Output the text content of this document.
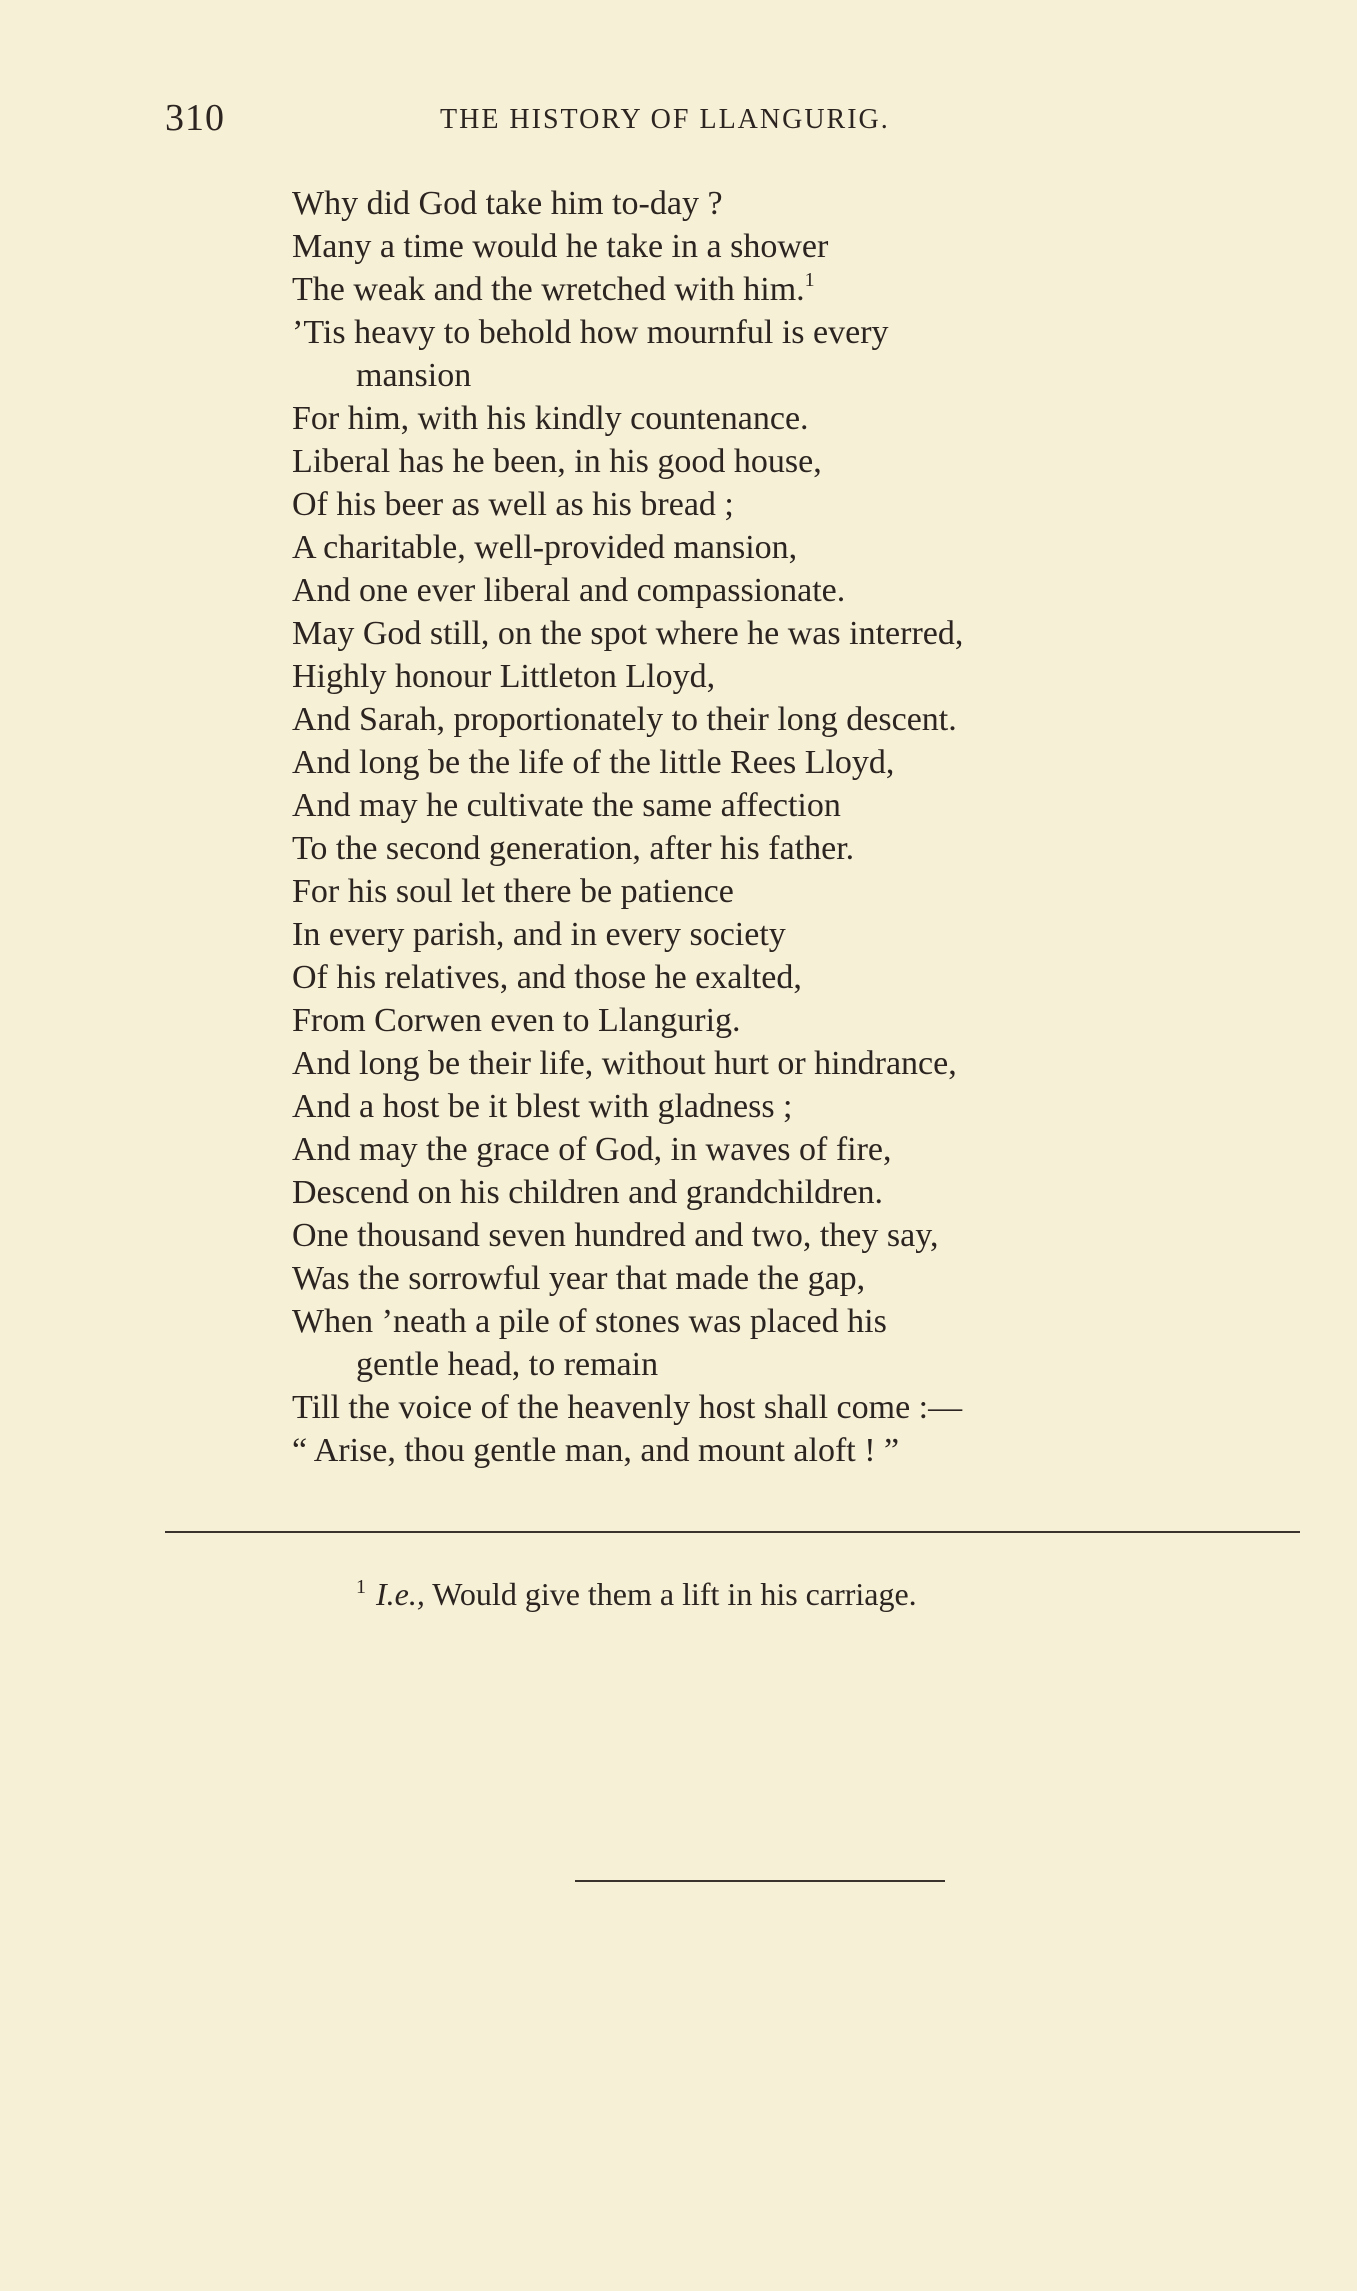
310	THE HISTORY OF LLANGURIG.
Why did God take him to-day ?
Many a time would he take in a shower
The weak and the wretched with him.$^1$
’Tis heavy to behold how mournful is every
mansion
For him, with his kindly countenance.
Liberal has he been, in his good house,
Of his beer as well as his bread ;
A charitable, well-provided mansion,
And one ever liberal and compassionate.
May God still, on the spot where he was interred,
Highly honour Littleton Lloyd,
And Sarah, proportionately to their long descent.
And long be the life of the little Rees Lloyd,
And may he cultivate the same affection
To the second generation, after his father.
For his soul let there be patience
In every parish, and in every society
Of his relatives, and those he exalted,
From Corwen even to Llangurig.
And long be their life, without hurt or hindrance,
And a host be it blest with gladness ;
And may the grace of God, in waves of fire,
Descend on his children and grandchildren.
One thousand seven hundred and two, they say,
Was the sorrowful year that made the gap,
When ’neath a pile of stones was placed his
gentle head, to remain
Till the voice of the heavenly host shall come :—
“ Arise, thou gentle man, and mount aloft ! ”
$^1$ I.e., Would give them a lift in his carriage.
